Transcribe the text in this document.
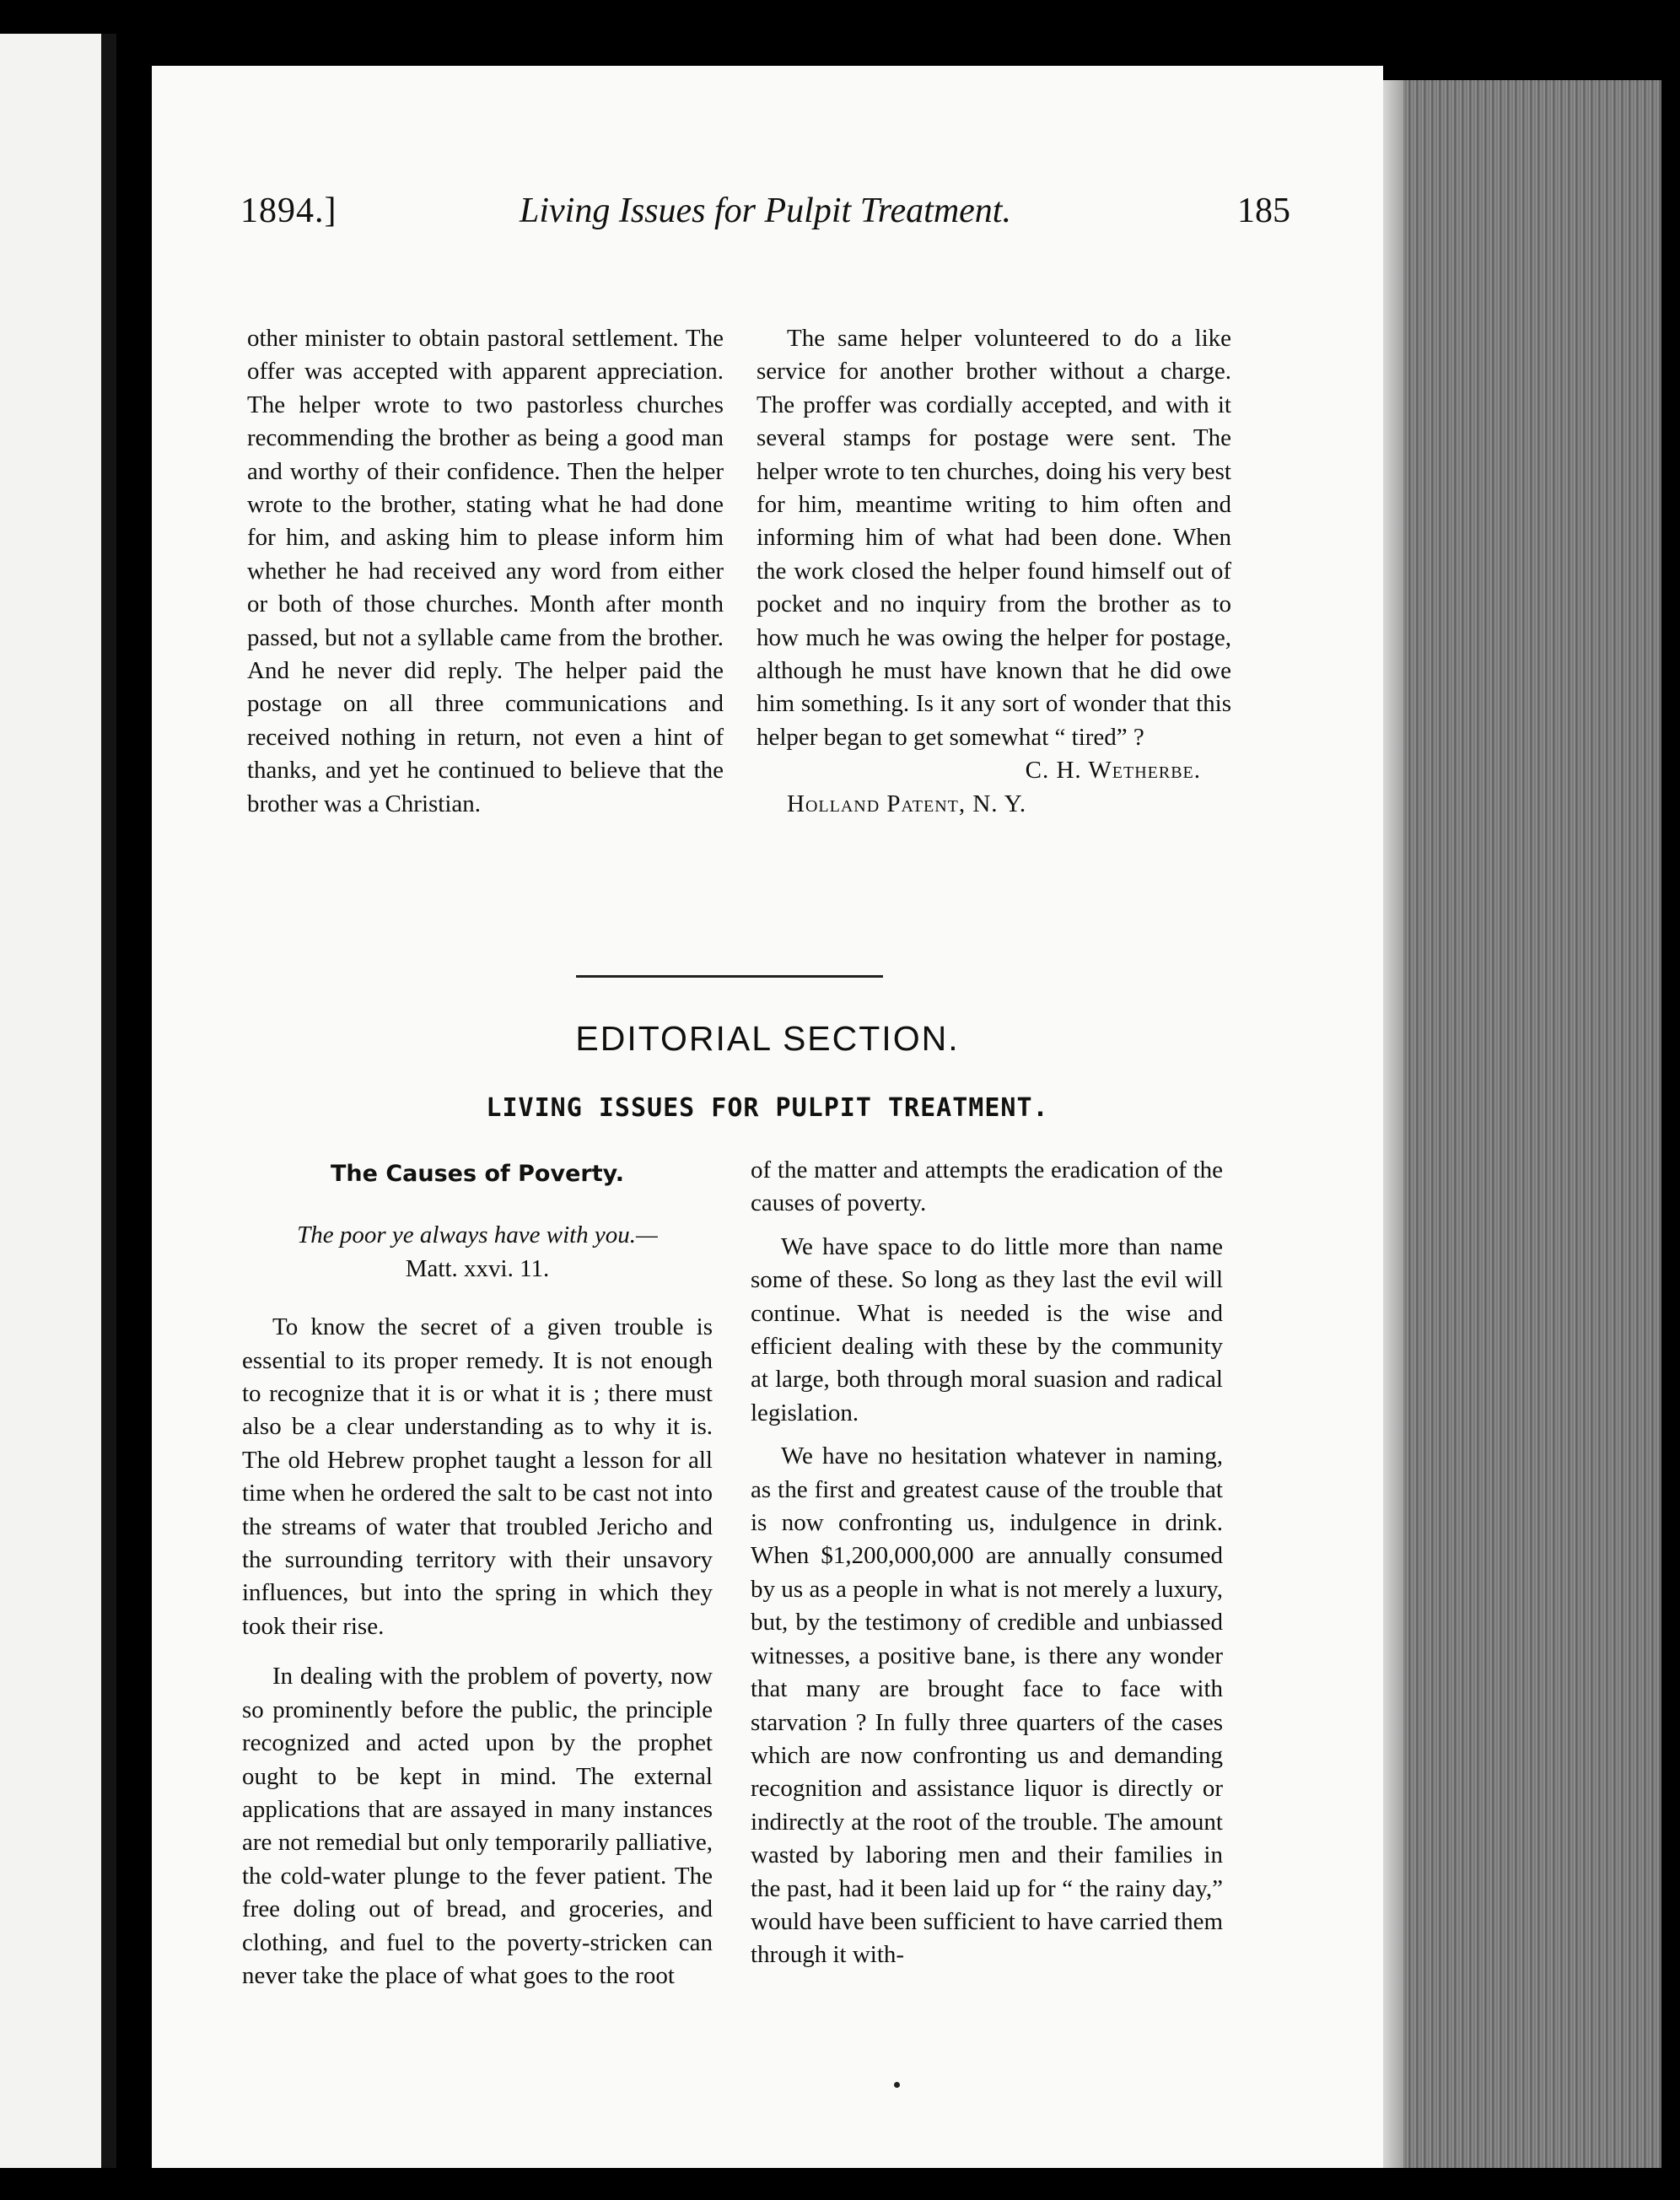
1894.]	Living Issues for Pulpit Treatment.	185

other minister to obtain pastoral settlement. The offer was accepted with apparent appreciation. The helper wrote to two pastorless churches recommending the brother as being a good man and worthy of their confidence. Then the helper wrote to the brother, stating what he had done for him, and asking him to please inform him whether he had received any word from either or both of those churches. Month after month passed, but not a syllable came from the brother. And he never did reply. The helper paid the postage on all three communications and received nothing in return, not even a hint of thanks, and yet he continued to believe that the brother was a Christian.

The same helper volunteered to do a like service for another brother without a charge. The proffer was cordially accepted, and with it several stamps for postage were sent. The helper wrote to ten churches, doing his very best for him, meantime writing to him often and informing him of what had been done. When the work closed the helper found himself out of pocket and no inquiry from the brother as to how much he was owing the helper for postage, although he must have known that he did owe him something. Is it any sort of wonder that this helper began to get somewhat “ tired” ?

C. H. Wetherbe.
Holland Patent, N. Y.
EDITORIAL SECTION.
LIVING ISSUES FOR PULPIT TREATMENT.
The Causes of Poverty.
The poor ye always have with you.—
Matt. xxvi. 11.

To know the secret of a given trouble is essential to its proper remedy. It is not enough to recognize that it is or what it is ; there must also be a clear understanding as to why it is. The old Hebrew prophet taught a lesson for all time when he ordered the salt to be cast not into the streams of water that troubled Jericho and the surrounding territory with their unsavory influences, but into the spring in which they took their rise.

In dealing with the problem of poverty, now so prominently before the public, the principle recognized and acted upon by the prophet ought to be kept in mind. The external applications that are assayed in many instances are not remedial but only temporarily palliative, the cold-water plunge to the fever patient. The free doling out of bread, and groceries, and clothing, and fuel to the poverty-stricken can never take the place of what goes to the root

of the matter and attempts the eradication of the causes of poverty.

We have space to do little more than name some of these. So long as they last the evil will continue. What is needed is the wise and efficient dealing with these by the community at large, both through moral suasion and radical legislation.

We have no hesitation whatever in naming, as the first and greatest cause of the trouble that is now confronting us, indulgence in drink. When $1,200,000,000 are annually consumed by us as a people in what is not merely a luxury, but, by the testimony of credible and unbiassed witnesses, a positive bane, is there any wonder that many are brought face to face with starvation ? In fully three quarters of the cases which are now confronting us and demanding recognition and assistance liquor is directly or indirectly at the root of the trouble. The amount wasted by laboring men and their families in the past, had it been laid up for “ the rainy day,” would have been sufficient to have carried them through it with-
